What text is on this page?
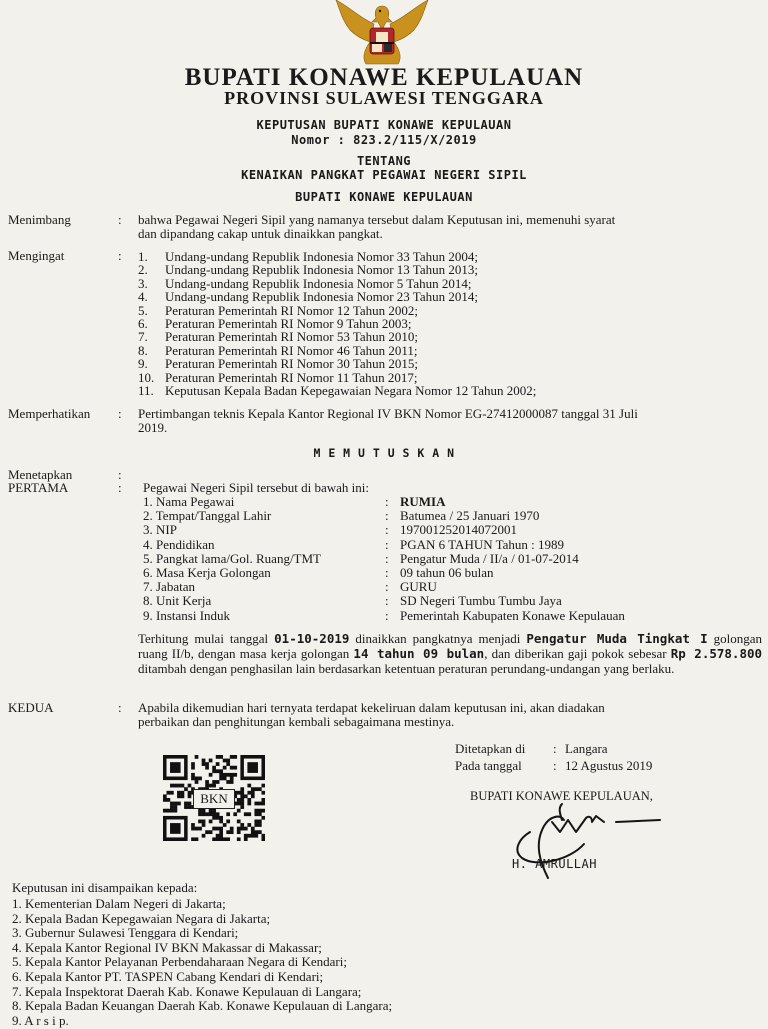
BUPATI KONAWE KEPULAUAN
PROVINSI SULAWESI TENGGARA
KEPUTUSAN BUPATI KONAWE KEPULAUAN
Nomor : 823.2/115/X/2019
TENTANG
KENAIKAN PANGKAT PEGAWAI NEGERI SIPIL
BUPATI KONAWE KEPULAUAN
Menimbang	: bahwa Pegawai Negeri Sipil yang namanya tersebut dalam Keputusan ini, memenuhi syarat
dan dipandang cakap untuk dinaikkan pangkat.
Mengingat	: 1. Undang-undang Republik Indonesia Nomor 33 Tahun 2004;
2. Undang-undang Republik Indonesia Nomor 13 Tahun 2013;
3. Undang-undang Republik Indonesia Nomor 5 Tahun 2014;
4. Undang-undang Republik Indonesia Nomor 23 Tahun 2014;
5. Peraturan Pemerintah RI Nomor 12 Tahun 2002;
6. Peraturan Pemerintah RI Nomor 9 Tahun 2003;
7. Peraturan Pemerintah RI Nomor 53 Tahun 2010;
8. Peraturan Pemerintah RI Nomor 46 Tahun 2011;
9. Peraturan Pemerintah RI Nomor 30 Tahun 2015;
10. Peraturan Pemerintah RI Nomor 11 Tahun 2017;
11. Keputusan Kepala Badan Kepegawaian Negara Nomor 12 Tahun 2002;
Memperhatikan : Pertimbangan teknis Kepala Kantor Regional IV BKN Nomor EG-27412000087 tanggal 31 Juli
2019.
M E M U T U S K A N
Menetapkan	:
PERTAMA	: Pegawai Negeri Sipil tersebut di bawah ini:
1. Nama Pegawai	: RUMIA
2. Tempat/Tanggal Lahir	: Batumea / 25 Januari 1970
3. NIP	: 197001252014072001
4. Pendidikan	: PGAN 6 TAHUN Tahun : 1989
5. Pangkat lama/Gol. Ruang/TMT	: Pengatur Muda / II/a / 01-07-2014
6. Masa Kerja Golongan	: 09 tahun 06 bulan
7. Jabatan	: GURU
8. Unit Kerja	: SD Negeri Tumbu Tumbu Jaya
9. Instansi Induk	: Pemerintah Kabupaten Konawe Kepulauan
Terhitung mulai tanggal 01-10-2019 dinaikkan pangkatnya menjadi Pengatur Muda Tingkat I golongan ruang II/b, dengan masa kerja golongan 14 tahun 09 bulan, dan diberikan gaji pokok sebesar Rp 2.578.800 ditambah dengan penghasilan lain berdasarkan ketentuan peraturan perundang-undangan yang berlaku.
KEDUA	: Apabila dikemudian hari ternyata terdapat kekeliruan dalam keputusan ini, akan diadakan
perbaikan dan penghitungan kembali sebagaimana mestinya.
Ditetapkan di : Langara
Pada tanggal : 12 Agustus 2019
BUPATI KONAWE KEPULAUAN,
H. AMRULLAH
BKN
Keputusan ini disampaikan kepada:
1. Kementerian Dalam Negeri di Jakarta;
2. Kepala Badan Kepegawaian Negara di Jakarta;
3. Gubernur Sulawesi Tenggara di Kendari;
4. Kepala Kantor Regional IV BKN Makassar di Makassar;
5. Kepala Kantor Pelayanan Perbendaharaan Negara di Kendari;
6. Kepala Kantor PT. TASPEN Cabang Kendari di Kendari;
7. Kepala Inspektorat Daerah Kab. Konawe Kepulauan di Langara;
8. Kepala Badan Keuangan Daerah Kab. Konawe Kepulauan di Langara;
9. A r s i p.
